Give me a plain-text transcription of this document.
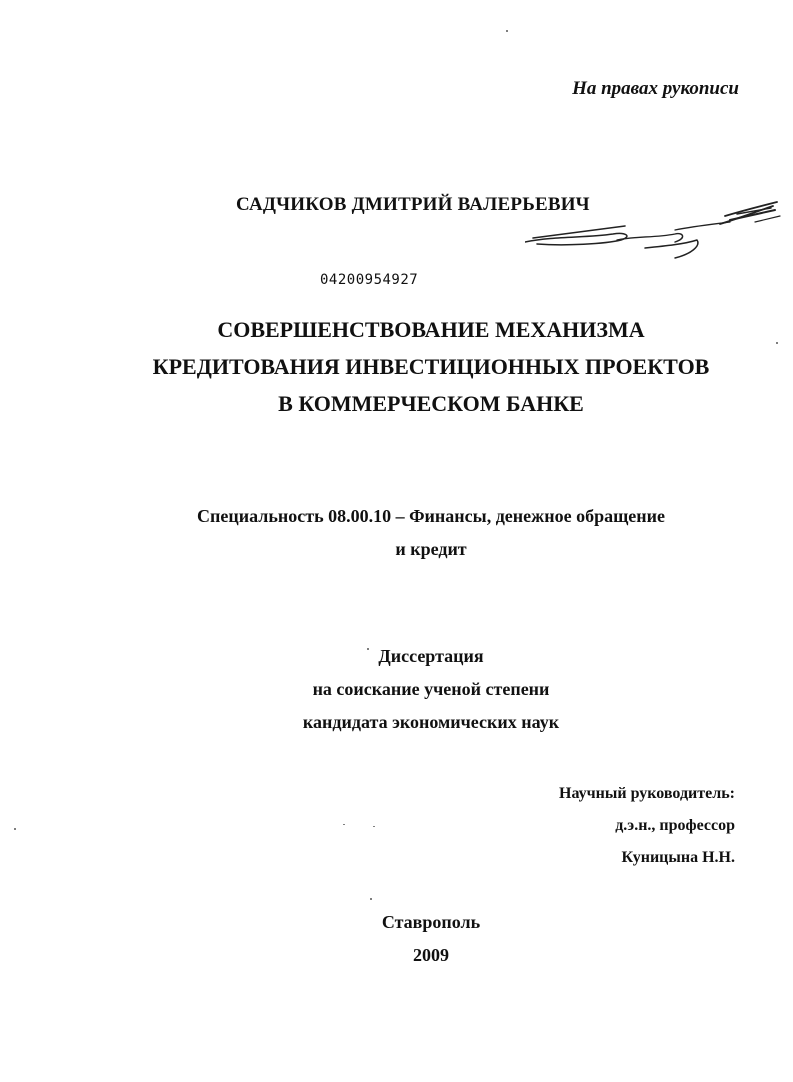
На правах рукописи
САДЧИКОВ ДМИТРИЙ ВАЛЕРЬЕВИЧ
04200954927
СОВЕРШЕНСТВОВАНИЕ МЕХАНИЗМА
КРЕДИТОВАНИЯ ИНВЕСТИЦИОННЫХ ПРОЕКТОВ
В КОММЕРЧЕСКОМ БАНКЕ
Специальность 08.00.10 – Финансы, денежное обращение
и кредит
Диссертация
на соискание ученой степени
кандидата экономических наук
Научный руководитель:
д.э.н., профессор
Куницына Н.Н.
Ставрополь
2009
